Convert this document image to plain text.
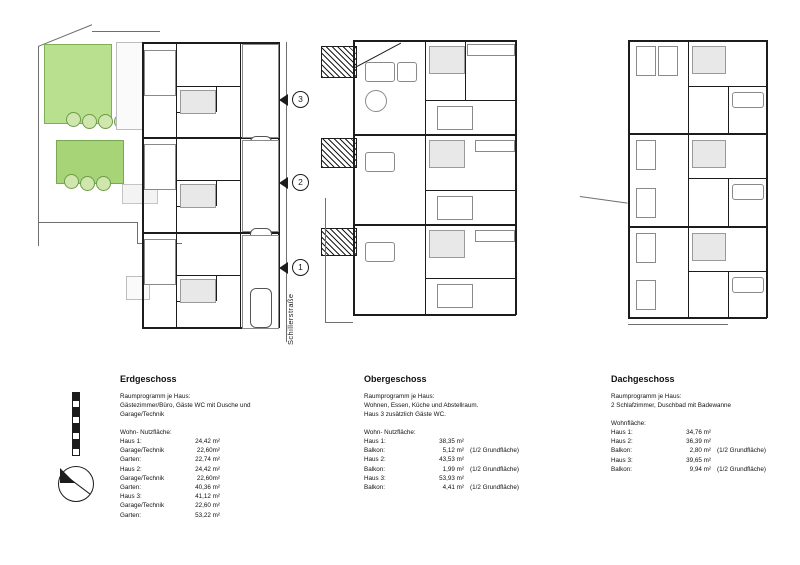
3
2
1
Schillerstraße
Erdgeschoss
Raumprogramm je Haus:
Gästezimmer/Büro, Gäste WC mit Dusche und
Garage/Technik
Wohn- Nutzfläche:
Haus 1:	24,42 m²
Garage/Technik	22,60m²
Garten:	22,74 m²
Haus 2:	24,42 m²
Garage/Technik	22,60m²
Garten:	40,36 m²
Haus 3:	41,12 m²
Garage/Technik	22,60 m²
Garten:	53,22 m²
Obergeschoss
Raumprogramm je Haus:
Wohnen, Essen, Küche und Abstellraum.
Haus 3 zusätzlich Gäste WC.
Wohn- Nutzfläche:
Haus 1:	38,35 m²
Balkon:	5,12 m² (1/2 Grundfläche)
Haus 2:	43,53 m²
Balkon:	1,99 m² (1/2 Grundfläche)
Haus 3:	53,93 m²
Balkon:	4,41 m² (1/2 Grundfläche)
Dachgeschoss
Raumprogramm je Haus:
2 Schlafzimmer, Duschbad mit Badewanne
Wohnfläche:
Haus 1:	34,76 m²
Haus 2:	36,39 m²
Balkon:	2,80 m² (1/2 Grundfläche)
Haus 3:	39,65 m²
Balkon:	9,94 m² (1/2 Grundfläche)
